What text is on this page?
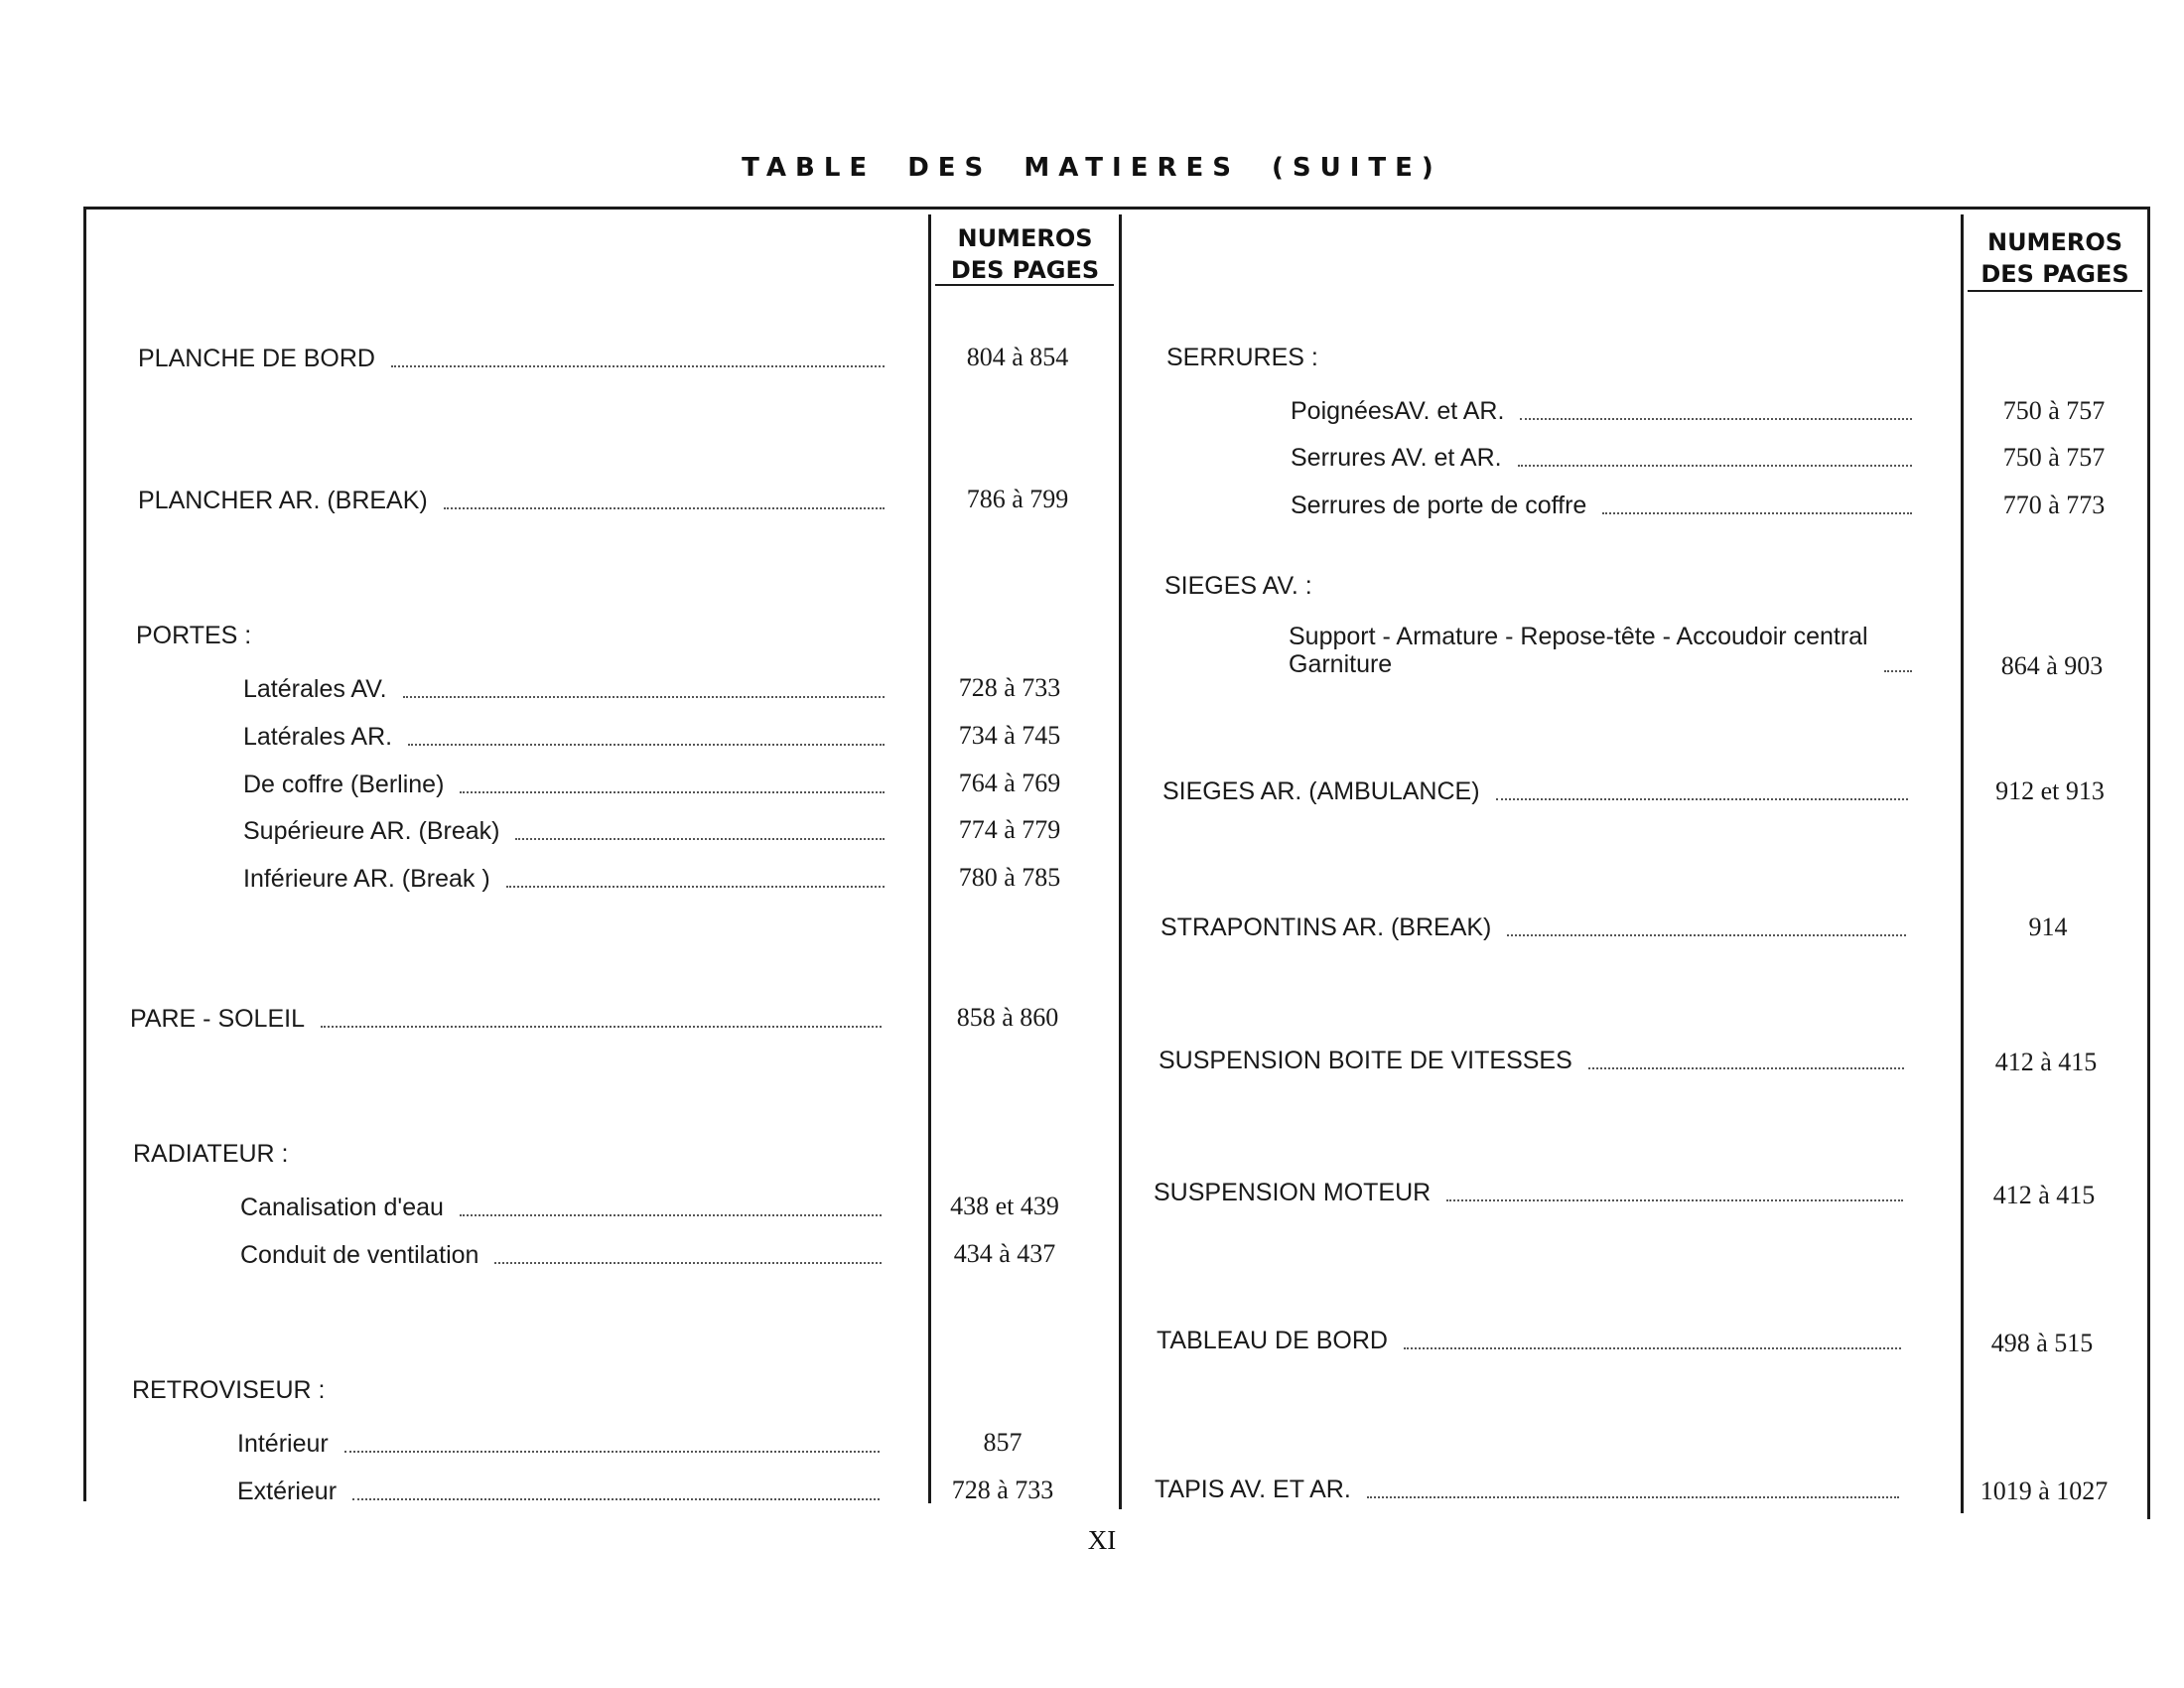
TABLE DES MATIERES (SUITE)
NUMEROS
DES PAGES
NUMEROS
DES PAGES
PLANCHE DE BORD	804 à 854
PLANCHER AR. (BREAK)	786 à 799
PORTES :
Latérales AV.	728 à 733
Latérales AR.	734 à 745
De coffre (Berline)	764 à 769
Supérieure AR. (Break)	774 à 779
Inférieure AR. (Break )	780 à 785
PARE - SOLEIL	858 à 860
RADIATEUR :
Canalisation d'eau	438 et 439
Conduit de ventilation	434 à 437
RETROVISEUR :
Intérieur	857
Extérieur	728 à 733
SERRURES :
PoignéesAV. et AR.	750 à 757
Serrures AV. et AR.	750 à 757
Serrures de porte de coffre	770 à 773
SIEGES AV. :
Support - Armature - Repose-tête - Accoudoir central
Garniture	864 à 903
SIEGES AR. (AMBULANCE)	912 et 913
STRAPONTINS AR. (BREAK)	914
SUSPENSION BOITE DE VITESSES	412 à 415
SUSPENSION MOTEUR	412 à 415
TABLEAU DE BORD	498 à 515
TAPIS AV. ET AR.	1019 à 1027
XI
